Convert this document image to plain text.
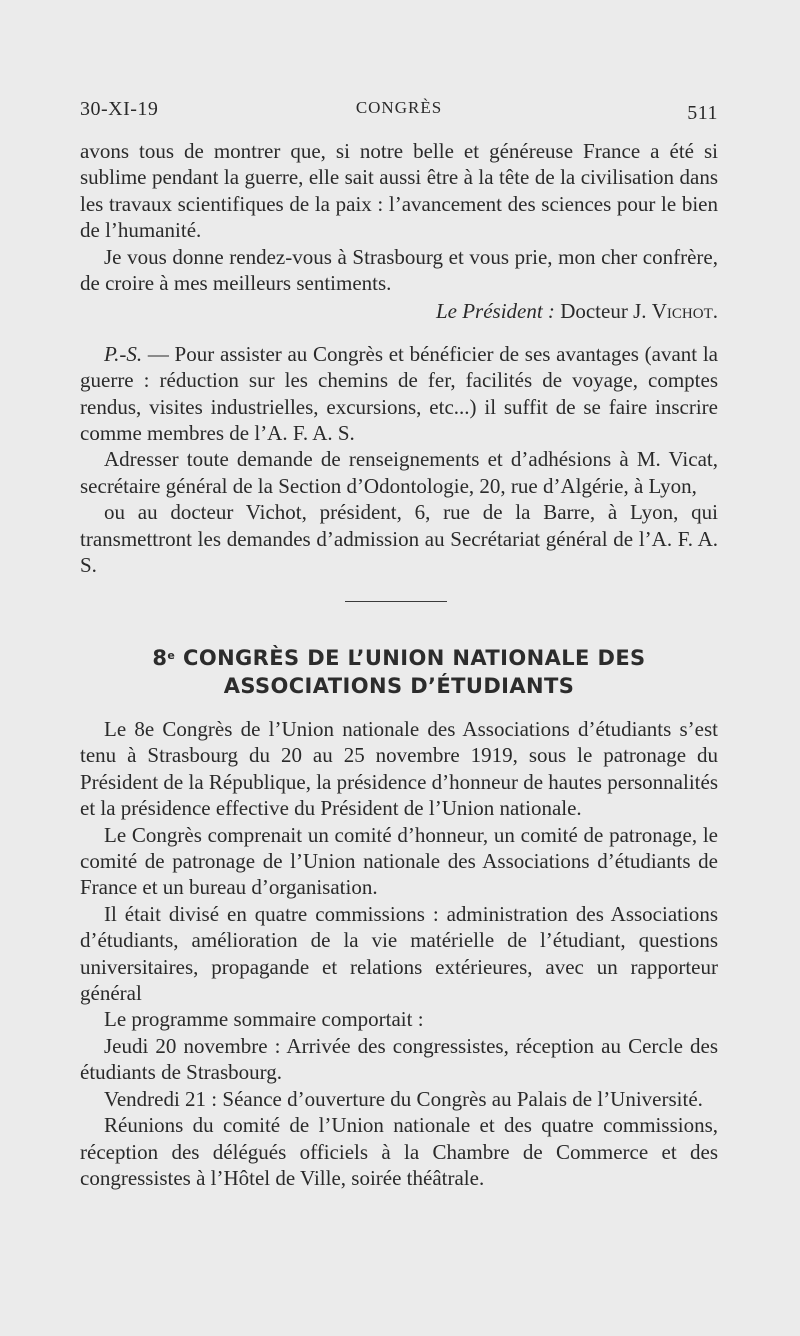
30-XI-19	CONGRÈS	511

avons tous de montrer que, si notre belle et généreuse France a été si sublime pendant la guerre, elle sait aussi être à la tête de la civilisation dans les travaux scientifiques de la paix : l’avancement des sciences pour le bien de l’humanité.

Je vous donne rendez-vous à Strasbourg et vous prie, mon cher confrère, de croire à mes meilleurs sentiments.

Le Président : Docteur J. Vichot.

P.-S. — Pour assister au Congrès et bénéficier de ses avantages (avant la guerre : réduction sur les chemins de fer, facilités de voyage, comptes rendus, visites industrielles, excursions, etc...) il suffit de se faire inscrire comme membres de l’A. F. A. S.

Adresser toute demande de renseignements et d’adhésions à M. Vicat, secrétaire général de la Section d’Odontologie, 20, rue d’Algérie, à Lyon,

ou au docteur Vichot, président, 6, rue de la Barre, à Lyon, qui transmettront les demandes d’admission au Secrétariat général de l’A. F. A. S.

8e CONGRÈS DE L’UNION NATIONALE DES
ASSOCIATIONS D’ÉTUDIANTS

Le 8e Congrès de l’Union nationale des Associations d’étudiants s’est tenu à Strasbourg du 20 au 25 novembre 1919, sous le patronage du Président de la République, la présidence d’honneur de hautes personnalités et la présidence effective du Président de l’Union nationale.

Le Congrès comprenait un comité d’honneur, un comité de patronage, le comité de patronage de l’Union nationale des Associations d’étudiants de France et un bureau d’organisation.

Il était divisé en quatre commissions : administration des Associations d’étudiants, amélioration de la vie matérielle de l’étudiant, questions universitaires, propagande et relations extérieures, avec un rapporteur général

Le programme sommaire comportait :

Jeudi 20 novembre : Arrivée des congressistes, réception au Cercle des étudiants de Strasbourg.

Vendredi 21 : Séance d’ouverture du Congrès au Palais de l’Université.

Réunions du comité de l’Union nationale et des quatre commissions, réception des délégués officiels à la Chambre de Commerce et des congressistes à l’Hôtel de Ville, soirée théâtrale.
